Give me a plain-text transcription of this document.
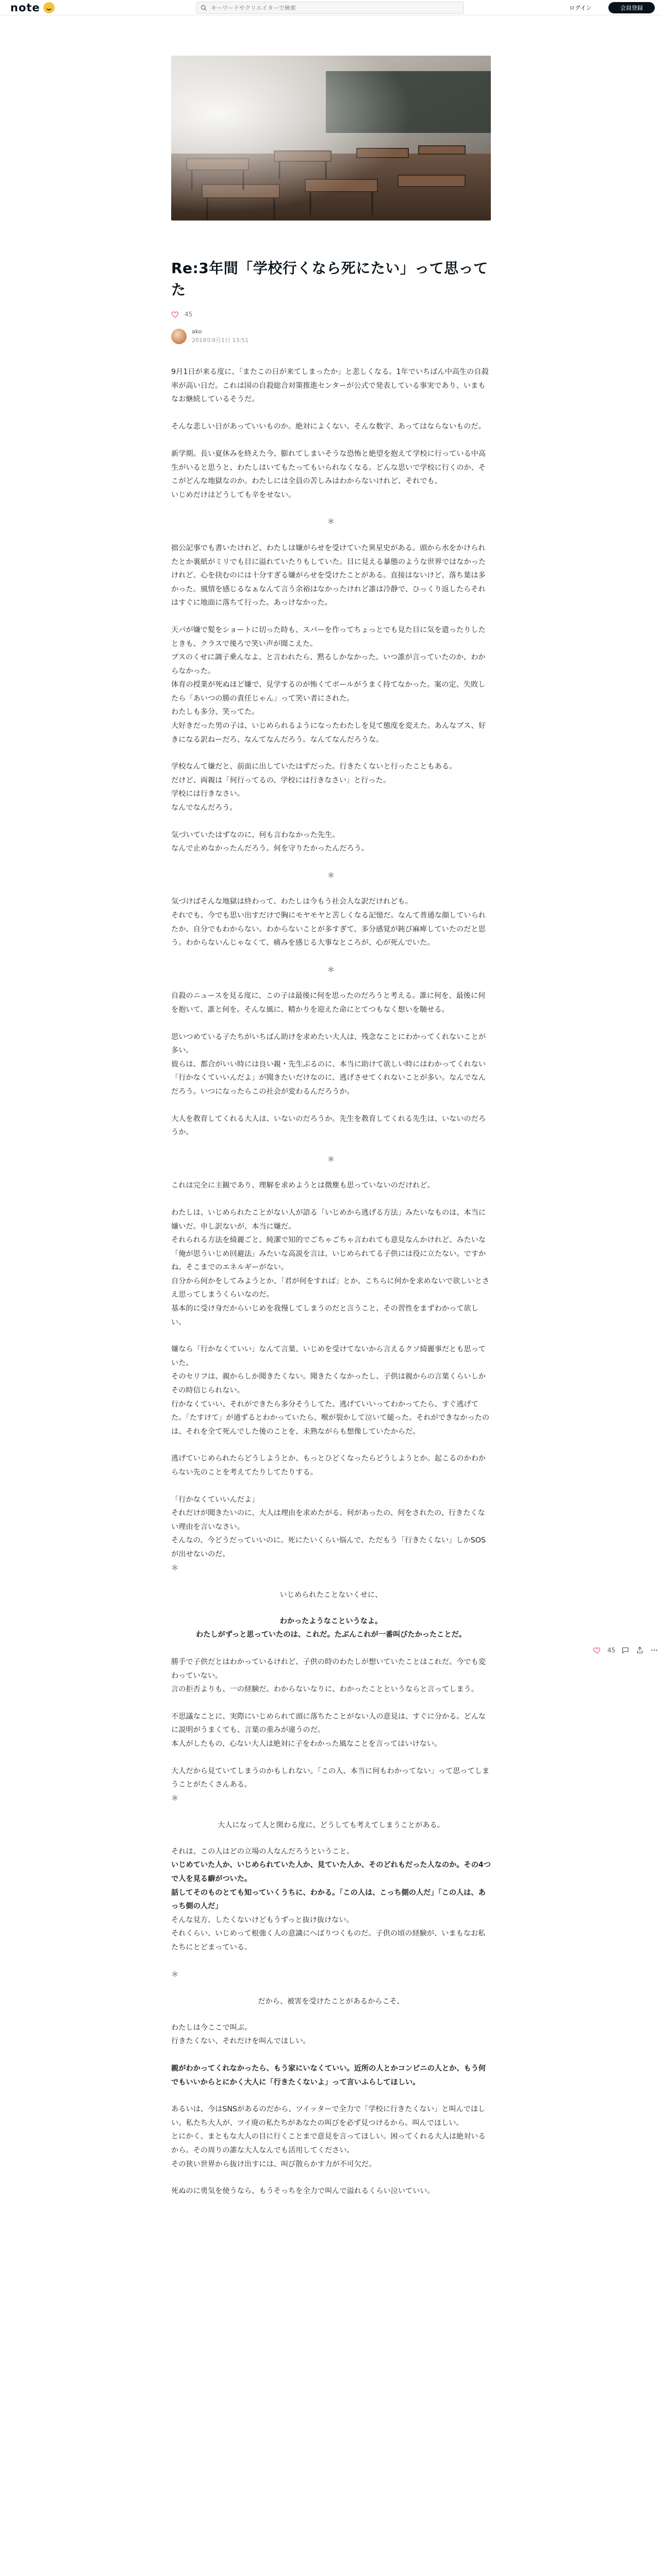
note
キーワードやクリエイターで検索	ログイン	会員登録
Re:3年間「学校行くなら死にたい」って思ってた
45
ako
2019年9月1日 13:51

9月1日が来る度に、「またこの日が来てしまったか」と悲しくなる。1年でいちばん中高生の自殺率が高い日だ。これは国の自殺総合対策推進センターが公式で発表している事実であり、いまもなお継続しているそうだ。

そんな悲しい日があっていいものか。絶対によくない。そんな数字、あってはならないものだ。

新学期。長い夏休みを終えた今、膨れてしまいそうな恐怖と絶望を抱えて学校に行っている中高生がいると思うと、わたしはいてもたってもいられなくなる。どんな思いで学校に行くのか、そこがどんな地獄なのか。わたしには全員の苦しみはわからないけれど、それでも、
いじめだけはどうしても辛をせない。

＊

拙公記事でも書いたけれど、わたしは嫌がらせを受けていた異星史がある。頭から水をかけられたとか裏紙がミリでも目に溢れていたりもしていた。目に見える暴態のような世界ではなかったけれど、心を抉むのには十分すぎる嫌がらせを受けたことがある。直接はないけど、落ち葉は多かった。風情を感じるなぁなんて言う余裕はなかったけれど誰は冷静で、ひっくり返したらそれはすぐに地面に落ちて行った。あっけなかった。

天パが嫌で髪をショートに切った時も、スパーを作ってちょっとでも見た目に気を遣ったりしたときも、クラスで後ろで笑い声が聞こえた。
ブスのくせに調子乗んなよ、と言われたら、黙るしかなかった。いつ誰が言っていたのか、わからなかった。
体育の授業が死ぬほど嫌で、見学するのが怖くてボールがうまく持てなかった。案の定、失敗したら「あいつの勝の責任じゃん」って笑い者にされた。
わたしも多分、笑ってた。
大好きだった男の子は、いじめられるようになったわたしを見て態度を変えた。あんなブス、好きになる訳ねーだろ、なんてなんだろう。なんてなんだろうな。

学校なんて嫌だと、前面に出していたはずだった。行きたくないと行ったこともある。
だけど、両親は「何行ってるの、学校には行きなさい」と行った。
学校には行きなさい。
なんでなんだろう。

気づいていたはずなのに、何も言わなかった先生。
なんで止めなかったんだろう。何を守りたかったんだろう。

＊

気づけばそんな地獄は終わって、わたしは今もう社会人な訳だけれども。
それでも、今でも思い出すだけで胸にモヤモヤと苦しくなる記憶だ。なんて普通な顔していられたか、自分でもわからない。わからないことが多すぎて、多分感覚が鈍び麻痺していたのだと思う。わからないんじゃなくて、痛みを感じる大事なところが、心が死んでいた。

＊

自殺のニュースを見る度に、この子は最後に何を思ったのだろうと考える。誰に何を、最後に何を抱いて、誰と何を。そんな風に、精かりを迎えた命にとてつもなく想いを馳せる。

思いつめている子たちがいちばん助けを求めたい大人は、残念なことにわかってくれないことが多い。
彼らは、都合がいい時には良い親・先生ぶるのに、本当に助けて欲しい時にはわかってくれない「行かなくていいんだよ」が聞きたいだけなのに、逃げさせてくれないことが多い。なんでなんだろう。いつになったらこの社会が変わるんだろうか。

大人を教育してくれる大人は、いないのだろうか。先生を教育してくれる先生は、いないのだろうか。

＊

これは完全に主観であり、理解を求めようとは微塵も思っていないのだけれど。

わたしは、いじめられたことがない人が語る「いじめから逃げる方法」みたいなものは、本当に嫌いだ。申し訳ないが、本当に嫌だ。
それられる方法を綺麗ごと、純潔で知的でごちゃごちゃ言われても意見なんかけれど、みたいな「俺が思ういじめ回避法」みたいな高説を言は、いじめられてる子供には役に立たない。ですかね。そこまでのエネルギーがない。
自分から何かをしてみようとか、「君が何をすれば」とか、こちらに何かを求めないで欲しいとさえ思ってしまうくらいなのだ。
基本的に受け身だからいじめを我慢してしまうのだと言うこと、その習性をまずわかって欲しい。

嫌なら「行かなくていい」なんて言葉、いじめを受けてないから言えるクソ綺麗事だとも思っていた。
そのセリフは、親からしか聞きたくない。聞きたくなかったし、子供は親からの言葉くらいしかその時信じられない。
行かなくていい、それができたら多分そうしてた。逃げていいってわかってたら、すぐ逃げてた。「たすけて」が通ずるとわかっていたら、喉が裂かして泣いて縋った。それができなかったのは、それを全て死んでした後のことを、未熟ながらも想像していたからだ。

逃げていじめられたらどうしようとか、もっとひどくなったらどうしようとか。起こるのかわからない先のことを考えてたりしてたりする。

「行かなくていいんだよ」
それだけが聞きたいのに、大人は理由を求めたがる。何があったの、何をされたの、行きたくない理由を言いなさい。
そんなの、今どうだっていいのに。死にたいくらい悩んで、ただもう「行きたくない」しかSOSが出せないのだ。
＊

いじめられたことないくせに、

わかったようなこというなよ。
わたしがずっと思っていたのは、これだ。たぶんこれが一番叫びたかったことだ。

勝手で子供だとはわかっているけれど、子供の時のわたしが想いていたことはこれだ。今でも変わっていない。
言の拒否よりも、一の経験だ。わからないなりに、わかったことというならと言ってしまう。

不思議なことに、実際にいじめられて頭に落ちたことがない人の意見は、すぐに分かる。どんなに説明がうまくても、言葉の重みが違うのだ。
本人がしたもの、心ない大人は絶対に子をわかった風なことを言ってはいけない。

大人だから見ていてしまうのかもしれない。「この人、本当に何もわかってない」って思ってしまうことがたくさんある。
＊

大人になって人と関わる度に、どうしても考えてしまうことがある。

それは、この人はどの立場の人なんだろうということ。
いじめていた人か、いじめられていた人か、見ていた人か、そのどれもだった人なのか。その4つで人を見る癖がついた。
話してそのものとても知っていくうちに、わかる。「この人は、こっち側の人だ」「この人は、あっち側の人だ」
そんな見方、したくないけどもうずっと抜け抜けない。
それくらい、いじめって根強く人の意識にへばりつくものだ。子供の頃の経験が、いまもなお私たちにとどまっている。

＊

だから、被害を受けたことがあるからこそ、

わたしは今ここで叫ぶ。
行きたくない、それだけを叫んでほしい。

親がわかってくれなかったら、もう家にいなくていい。近所の人とかコンビニの人とか、もう何でもいいからとにかく大人に「行きたくないよ」って言いふらしてほしい。

あるいは、今はSNSがあるのだから、ツイッターで全力で「学校に行きたくない」と叫んでほしい。私たち大人が、ツイ廃の私たちがあなたの叫びを必ず見つけるから。叫んでほしい。
とにかく、まともな大人の目に行くことまで意見を言ってほしい。困ってくれる大人は絶対いるから。その周りの誰な大人なんでも活用してください。
その狭い世界から抜け出すには、叫び散らかす力が不可欠だ。

死ぬのに勇気を使うなら、もうそっちを全力で叫んで溢れるくらい泣いていい。

45
